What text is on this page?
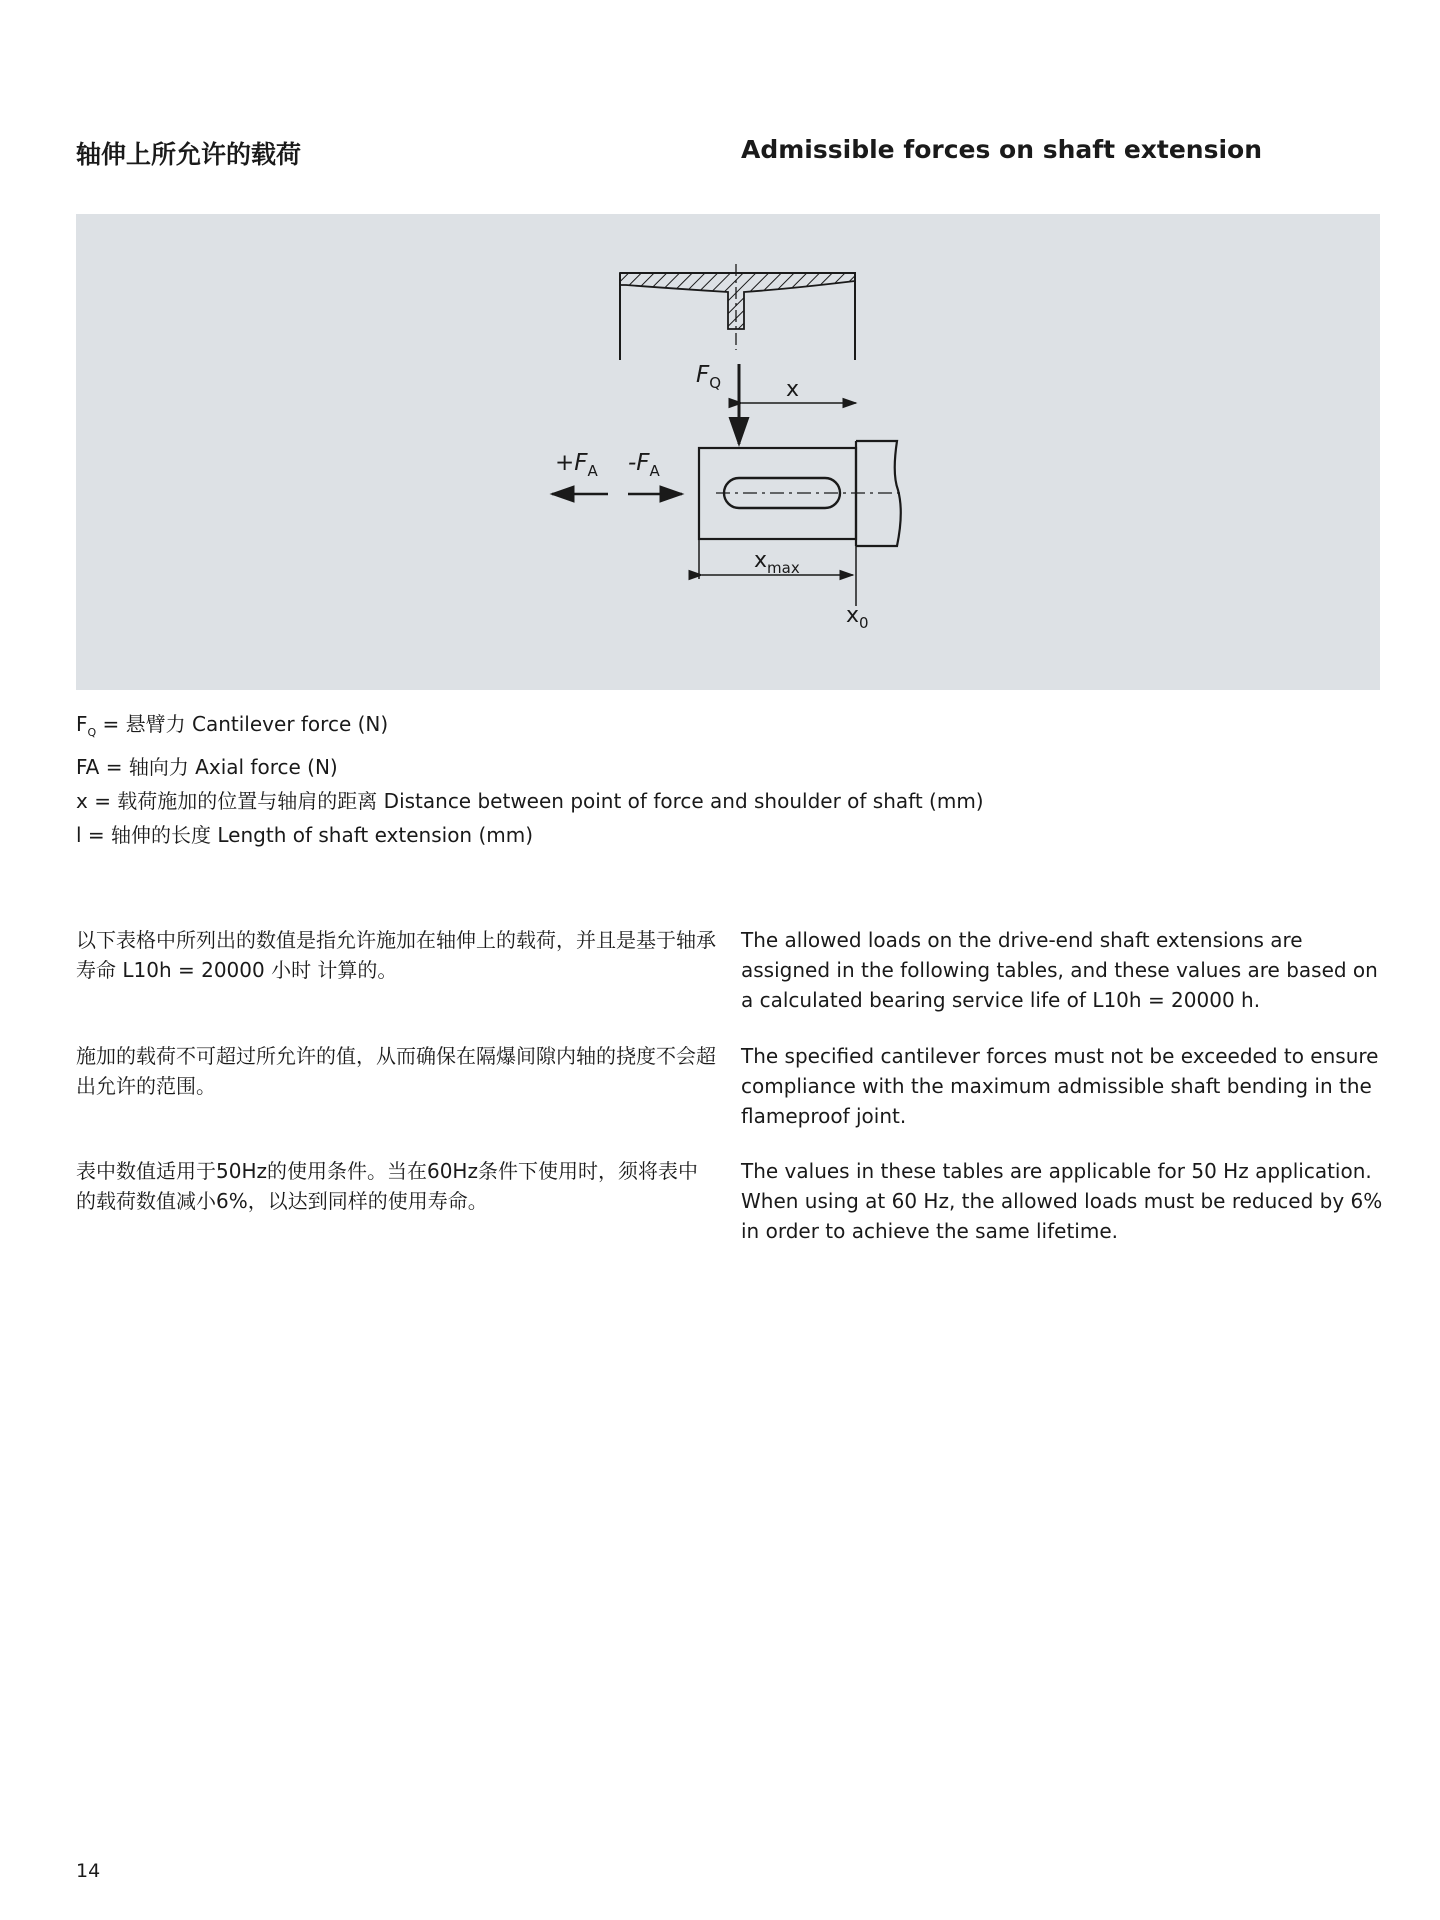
轴伸上所允许的载荷	Admissible forces on shaft extension
$F_Q$	x
$+F_A$ $-F_A$
$x_{max}$
$x_0$
$F_Q$ = 悬臂力 Cantilever force (N)
FA = 轴向力 Axial force (N)
x = 载荷施加的位置与轴肩的距离 Distance between point of force and shoulder of shaft (mm)
l = 轴伸的长度 Length of shaft extension (mm)
以下表格中所列出的数值是指允许施加在轴伸上的载荷，并且是基于轴承寿命 L10h = 20000 小时 计算的。
The allowed loads on the drive-end shaft extensions are assigned in the following tables, and these values are based on a calculated bearing service life of L10h = 20000 h.
施加的载荷不可超过所允许的值，从而确保在隔爆间隙内轴的挠度不会超出允许的范围。
The specified cantilever forces must not be exceeded to ensure compliance with the maximum admissible shaft bending in the flameproof joint.
表中数值适用于50Hz的使用条件。当在60Hz条件下使用时，须将表中的载荷数值减小6%，以达到同样的使用寿命。
The values in these tables are applicable for 50 Hz application. When using at 60 Hz, the allowed loads must be reduced by 6% in order to achieve the same lifetime.
14
